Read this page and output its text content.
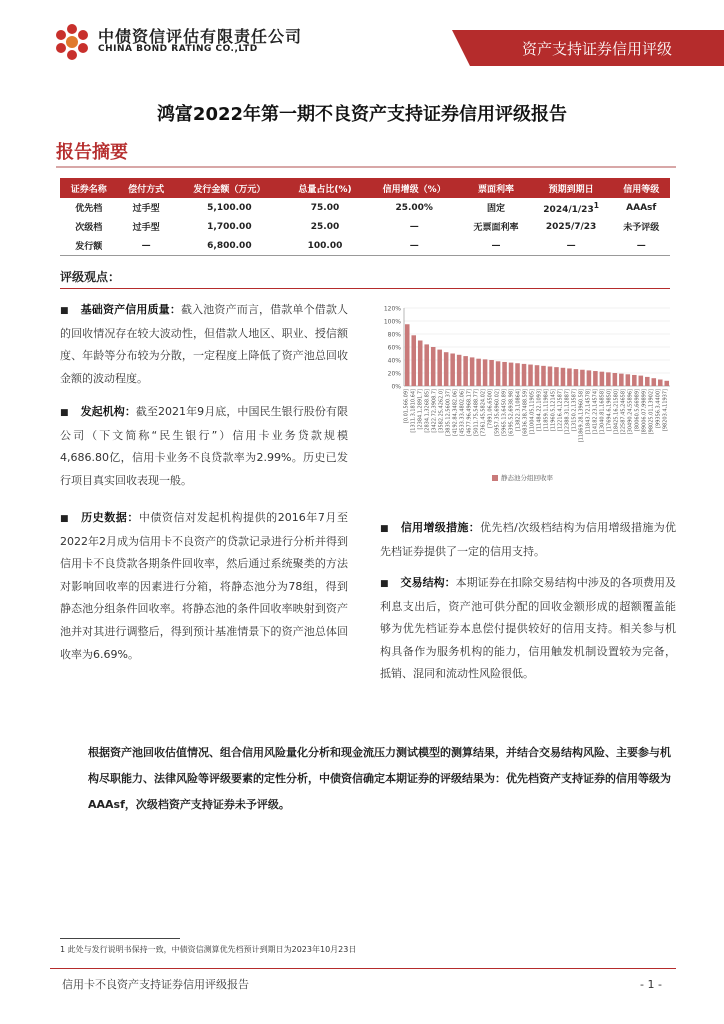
中债资信评估有限责任公司
CHINA BOND RATING CO.,LTD	资产支持证券信用评级
鸿富2022年第一期不良资产支持证券信用评级报告
报告摘要
证券名称	偿付方式	发行金额（万元）	总量占比(%)	信用增级（%）	票面利率	预期到期日	信用等级
优先档	过手型	5,100.00	75.00	25.00%	固定	$2024/1/23^1$	AAAsf
次级档	过手型	1,700.00	25.00	—	无票面利率	2025/7/23	未予评级
发行额	—	6,800.00	100.00	—	—	—	—
评级观点：
■ 基础资产信用质量：截入池资产而言，借款单个借款人的回收情况存在较大波动性，但借款人地区、职业、授信额度、年龄等分布较为分散，一定程度上降低了资产池总回收金额的波动程度。
■ 发起机构：截至2021年9月底，中国民生银行股份有限公司（下文简称“民生银行”）信用卡业务贷款规模4,686.80亿，信用卡业务不良贷款率为2.99%。历史已发行项目真实回收表现一般。
■ 历史数据：中债资信对发起机构提供的2016年7月至2022年2月成为信用卡不良资产的贷款记录进行分析并得到信用卡不良贷款各期条件回收率，然后通过系统聚类的方法对影响回收率的因素进行分箱，将静态池分为78组，得到静态池分组条件回收率。将静态池的条件回收率映射到资产池并对其进行调整后，得到预计基准情景下的资产池总体回收率为6.69%。
■ 信用增级措施：优先档/次级档结构为信用增级措施为优先档证券提供了一定的信用支持。
■ 交易结构：本期证券在扣除交易结构中涉及的各项费用及利息支出后，资产池可供分配的回收金额形成的超额覆盖能够为优先档证券本息偿付提供较好的信用支持。相关参与机构具备作为服务机构的能力，信用触发机制设置较为完备，抵销、混同和流动性风险很低。
120%
100%
80%
60%
40%
20%
0%
[0.01,566.09] [1311.3,1810.64] [2384.1,2891.7] [2834.1,3268.85] [3422.72,3908.7] [3582.25,4262.0] [3835.12,5600.37] [4192.84,3482.06] [4533.33,4802.06] [4677.96,4968.17] [5011.75,5488.77] [7361.45,5824.02] [7891.06,6500] [5957.35,6960.02] [5965.13,6450.89] [6395.52,6938.98] [13822.3,10864] [6836.38,7488.59] [11004.05,11905] [11484.22,1093] [11859.1,11984] [11960.5,12145] [12216.4,12587] [12388.31,12887] [13150.2,13587] [11869.28,13960.58] [11843.72,14578] [14182.23,14574] [13040.81,16858] [17694.6,19850] [18425.16,21580] [22587.45,24658] [30490.24,55896] [80060.5,66989] [89006.07,99899] [98025.01,13902] [99356.3,4400] [98203.4,11937]
静态池分组回收率
根据资产池回收估值情况、组合信用风险量化分析和现金流压力测试模型的测算结果，并结合交易结构风险、主要参与机构尽职能力、法律风险等评级要素的定性分析，中债资信确定本期证券的评级结果为：优先档资产支持证券的信用等级为AAAsf，次级档资产支持证券未予评级。
1 此处与发行说明书保持一致，中债资信测算优先档预计到期日为2023年10月23日
信用卡不良资产支持证券信用评级报告	- 1 -
